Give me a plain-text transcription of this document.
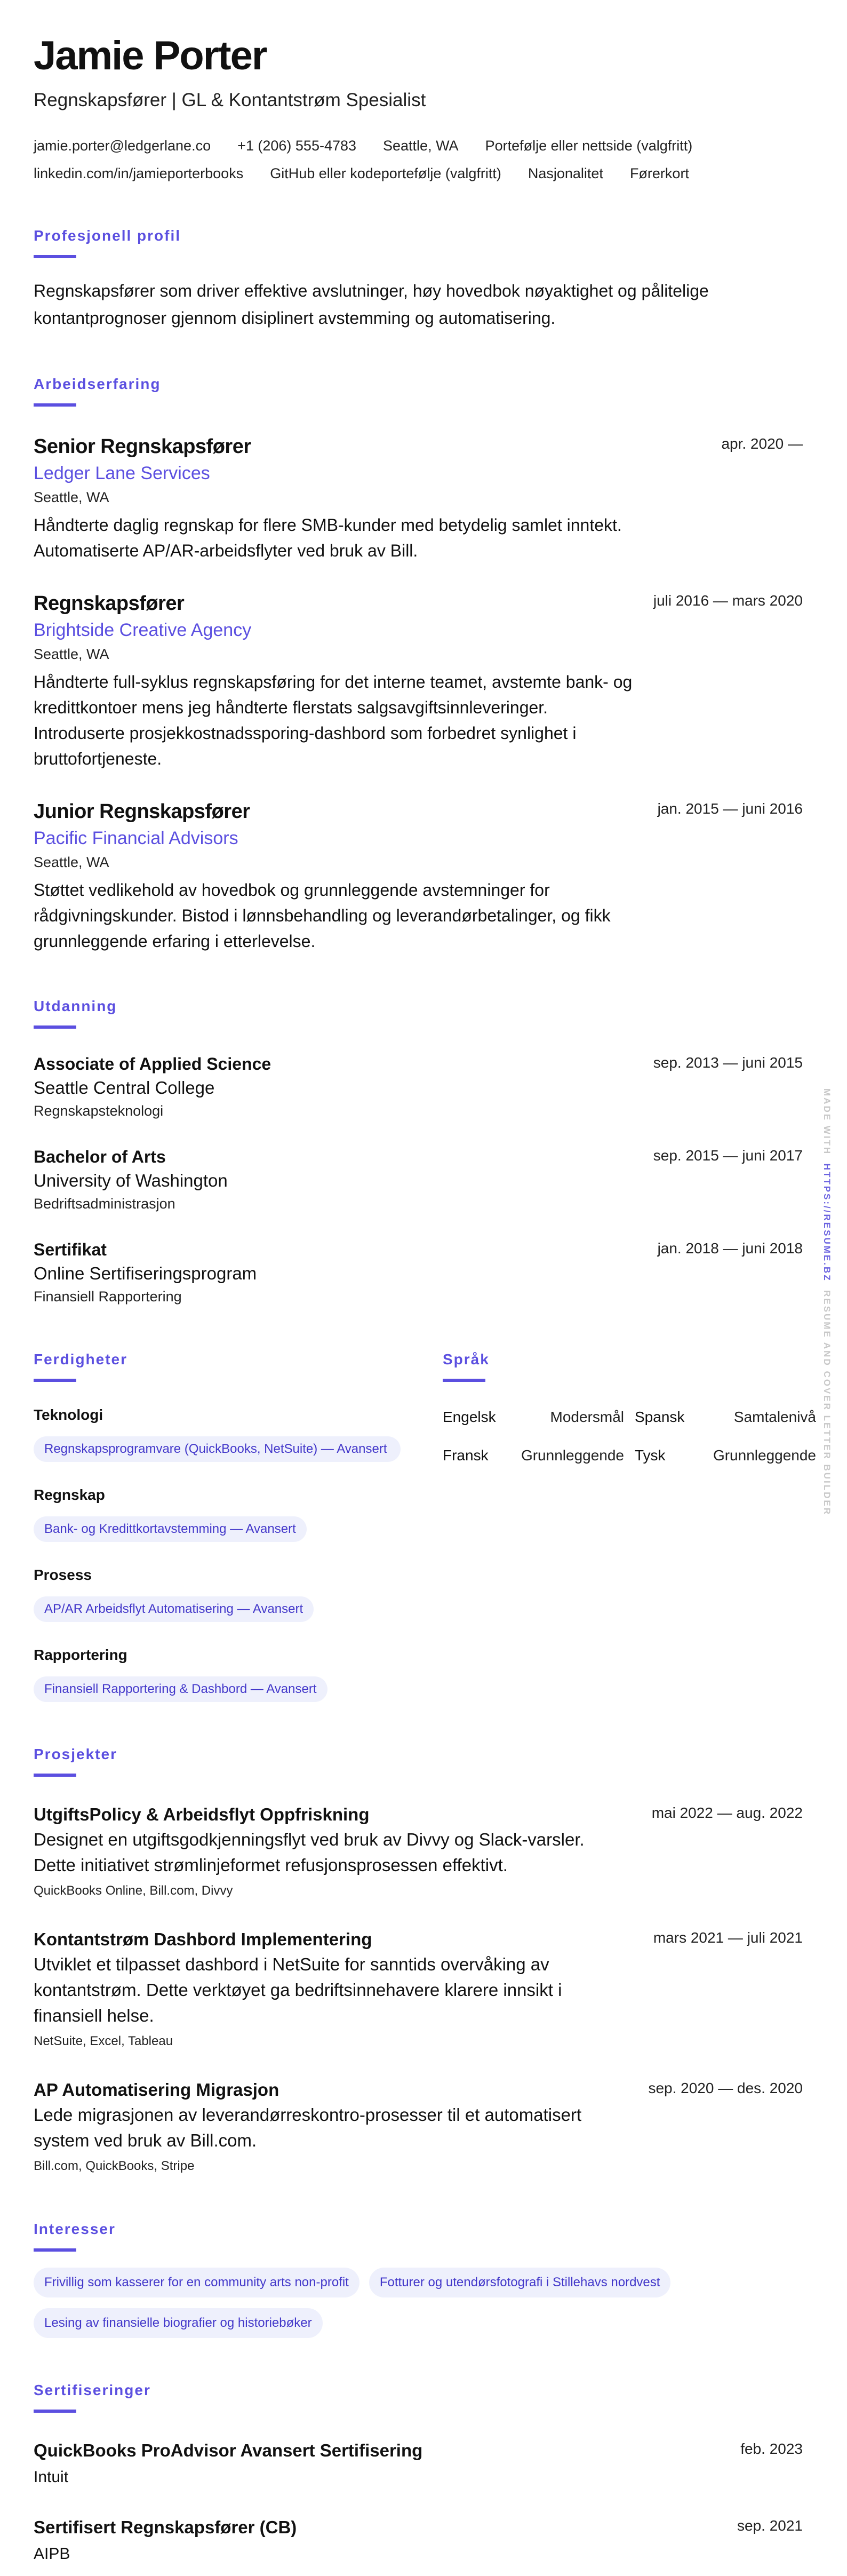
Jamie Porter
Regnskapsfører | GL & Kontantstrøm Spesialist
jamie.porter@ledgerlane.co +1 (206) 555-4783 Seattle, WA Portefølje eller nettside (valgfritt)
linkedin.com/in/jamieporterbooks GitHub eller kodeportefølje (valgfritt) Nasjonalitet Førerkort
Profesjonell profil

Regnskapsfører som driver effektive avslutninger, høy hovedbok nøyaktighet og pålitelige kontantprognoser gjennom disiplinert avstemming og automatisering.

Arbeidserfaring
Senior Regnskapsfører	apr. 2020 —
Ledger Lane Services
Seattle, WA

Håndterte daglig regnskap for flere SMB-kunder med betydelig samlet inntekt. Automatiserte AP/AR-arbeidsflyter ved bruk av Bill.

Regnskapsfører	juli 2016 — mars 2020
Brightside Creative Agency
Seattle, WA

Håndterte full-syklus regnskapsføring for det interne teamet, avstemte bank- og kredittkontoer mens jeg håndterte flerstats salgsavgiftsinnleveringer. Introduserte prosjekkostnadssporing-dashbord som forbedret synlighet i bruttofortjeneste.

Junior Regnskapsfører	jan. 2015 — juni 2016
Pacific Financial Advisors
Seattle, WA

Støttet vedlikehold av hovedbok og grunnleggende avstemninger for rådgivningskunder. Bistod i lønnsbehandling og leverandørbetalinger, og fikk grunnleggende erfaring i etterlevelse.

Utdanning
Associate of Applied Science	sep. 2013 — juni 2015
Seattle Central College
Regnskapsteknologi
Bachelor of Arts	sep. 2015 — juni 2017
University of Washington
Bedriftsadministrasjon
Sertifikat	jan. 2018 — juni 2018
Online Sertifiseringsprogram
Finansiell Rapportering
Ferdigheter
Teknologi
Regnskapsprogramvare (QuickBooks, NetSuite) — Avansert
Regnskap
Bank- og Kredittkortavstemming — Avansert
Prosess
AP/AR Arbeidsflyt Automatisering — Avansert
Rapportering
Finansiell Rapportering & Dashbord — Avansert
Språk
Engelsk	Modersmål Spansk	Samtalenivå
Fransk Grunnleggende Tysk	Grunnleggende
Prosjekter
UtgiftsPolicy & Arbeidsflyt Oppfriskning	mai 2022 — aug. 2022

Designet en utgiftsgodkjenningsflyt ved bruk av Divvy og Slack-varsler. Dette initiativet strømlinjeformet refusjonsprosessen effektivt.

QuickBooks Online, Bill.com, Divvy
Kontantstrøm Dashbord Implementering	mars 2021 — juli 2021

Utviklet et tilpasset dashbord i NetSuite for sanntids overvåking av kontantstrøm. Dette verktøyet ga bedriftsinnehavere klarere innsikt i finansiell helse.

NetSuite, Excel, Tableau
AP Automatisering Migrasjon	sep. 2020 — des. 2020

Lede migrasjonen av leverandørreskontro-prosesser til et automatisert system ved bruk av Bill.com.

Bill.com, QuickBooks, Stripe
Interesser
Frivillig som kasserer for en community arts non-profit	Fotturer og utendørsfotografi i Stillehavs nordvest
Lesing av finansielle biografier og historiebøker
Sertifiseringer
QuickBooks ProAdvisor Avansert Sertifisering	feb. 2023
Intuit
Sertifisert Regnskapsfører (CB)	sep. 2021
AIPB
MADE WITH  HTTPS://RESUME.BZ  RESUME AND COVER LETTER BUILDER
